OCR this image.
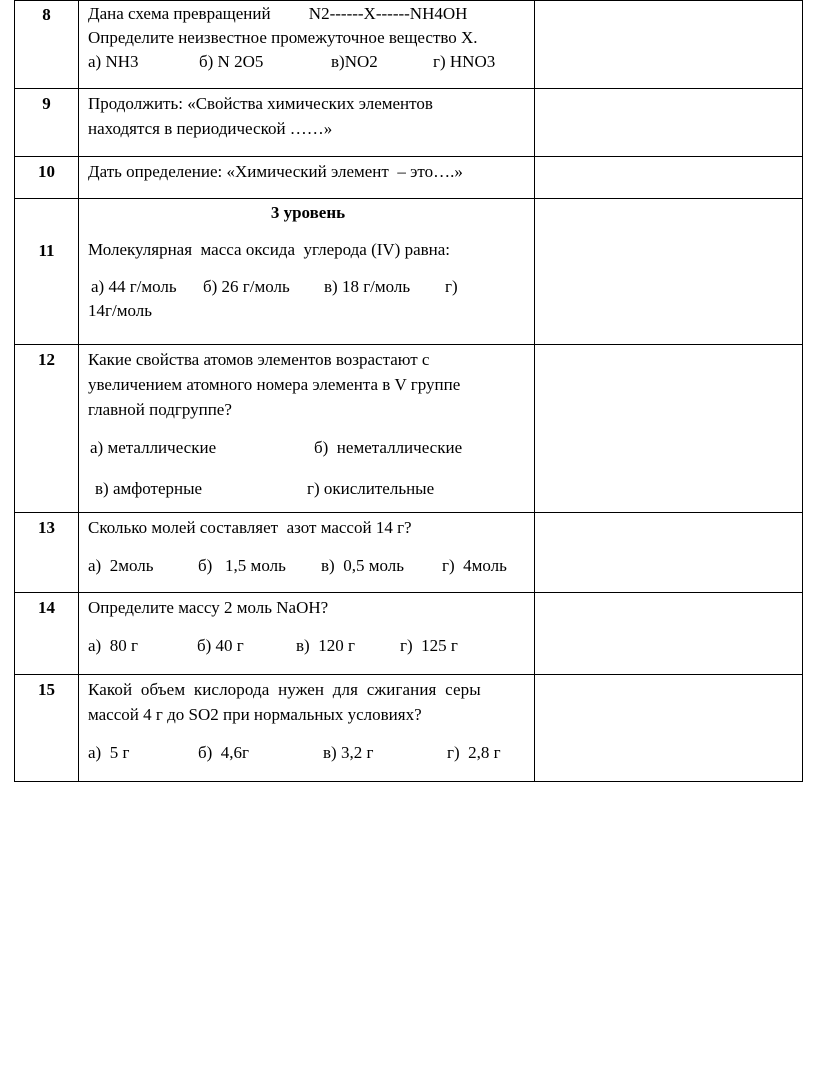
8	Дана схема превращений         N2------X------NH4OH
Определите неизвестное промежуточное вещество X.
а) NH3 б) N 2O5 в)NO2 г) HNO3	

9	Продолжить: «Свойства химических элементов
находятся в периодической ……»	

10	Дать определение: «Химический элемент  – это….»	

11	3 уровень
Молекулярная  масса оксида  углерода (IV) равна:
а) 44 г/моль б) 26 г/моль в) 18 г/моль г)
14г/моль	

12	Какие свойства атомов элементов возрастают с
увеличением атомного номера элемента в V группе
главной подгруппе?
а) металлические б)  неметаллические
в) амфотерные г) окислительные	

13	Сколько молей составляет  азот массой 14 г?
а)  2моль б)   1,5 моль в)  0,5 моль г)  4моль	

14	Определите массу 2 моль NaOH?
а)  80 г б) 40 г в)  120 г г)  125 г	

15	Какой  объем  кислорода  нужен  для  сжигания  серы
массой 4 г до SO2 при нормальных условиях?
а)  5 г б)  4,6г в) 3,2 г г)  2,8 г	
